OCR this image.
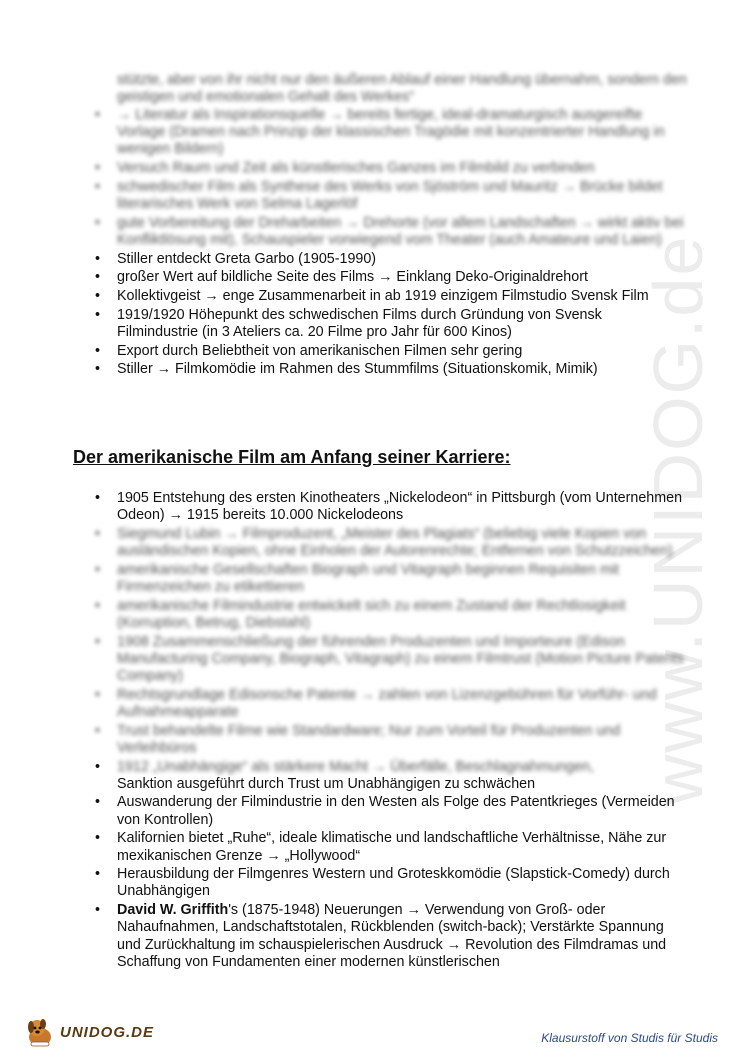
www.UNIDOG.de
stützte, aber von ihr nicht nur den äußeren Ablauf einer Handlung übernahm, sondern den geistigen und emotionalen Gehalt des Werkes“
• → Literatur als Inspirationsquelle → bereits fertige, ideal-dramaturgisch ausgereifte Vorlage (Dramen nach Prinzip der klassischen Tragödie mit konzentrierter Handlung in wenigen Bildern)
• Versuch Raum und Zeit als künstlerisches Ganzes im Filmbild zu verbinden
• schwedischer Film als Synthese des Werks von Sjöström und Mauritz → Brücke bildet literarisches Werk von Selma Lagerlöf
• gute Vorbereitung der Dreharbeiten → Drehorte (vor allem Landschaften → wirkt aktiv bei Konfliktlösung mit), Schauspieler vorwiegend vom Theater (auch Amateure und Laien)
• Stiller entdeckt Greta Garbo (1905-1990)
• großer Wert auf bildliche Seite des Films → Einklang Deko-Originaldrehort
• Kollektivgeist → enge Zusammenarbeit in ab 1919 einzigem Filmstudio Svensk Film
• 1919/1920 Höhepunkt des schwedischen Films durch Gründung von Svensk Filmindustrie (in 3 Ateliers ca. 20 Filme pro Jahr für 600 Kinos)
• Export durch Beliebtheit von amerikanischen Filmen sehr gering
• Stiller → Filmkomödie im Rahmen des Stummfilms (Situationskomik, Mimik)
Der amerikanische Film am Anfang seiner Karriere:
• 1905 Entstehung des ersten Kinotheaters „Nickelodeon“ in Pittsburgh (vom Unternehmen Odeon) → 1915 bereits 10.000 Nickelodeons
• Siegmund Lubin → Filmproduzent, „Meister des Plagiats“ (beliebig viele Kopien von ausländischen Kopien, ohne Einholen der Autorenrechte; Entfernen von Schutzzeichen)
• amerikanische Gesellschaften Biograph und Vitagraph beginnen Requisiten mit Firmenzeichen zu etikettieren
• amerikanische Filmindustrie entwickelt sich zu einem Zustand der Rechtlosigkeit (Korruption, Betrug, Diebstahl)
• 1908 Zusammenschließung der führenden Produzenten und Importeure (Edison Manufacturing Company, Biograph, Vitagraph) zu einem Filmtrust (Motion Picture Patents Company)
• Rechtsgrundlage Edisonsche Patente → zahlen von Lizenzgebühren für Vorführ- und Aufnahmeapparate
• Trust behandelte Filme wie Standardware; Nur zum Vorteil für Produzenten und Verleihbüros
• 1912 „Unabhängige“ als stärkere Macht → Überfälle, Beschlagnahmungen,
Sanktion ausgeführt durch Trust um Unabhängigen zu schwächen
• Auswanderung der Filmindustrie in den Westen als Folge des Patentkrieges (Vermeiden von Kontrollen)
• Kalifornien bietet „Ruhe“, ideale klimatische und landschaftliche Verhältnisse, Nähe zur mexikanischen Grenze → „Hollywood“
• Herausbildung der Filmgenres Western und Groteskkomödie (Slapstick-Comedy) durch Unabhängigen
• David W. Griffith's (1875-1948) Neuerungen → Verwendung von Groß- oder Nahaufnahmen, Landschaftstotalen, Rückblenden (switch-back); Verstärkte Spannung und Zurückhaltung im schauspielerischen Ausdruck → Revolution des Filmdramas und Schaffung von Fundamenten einer modernen künstlerischen
UNIDOG.DE	Klausurstoff von Studis für Studis
